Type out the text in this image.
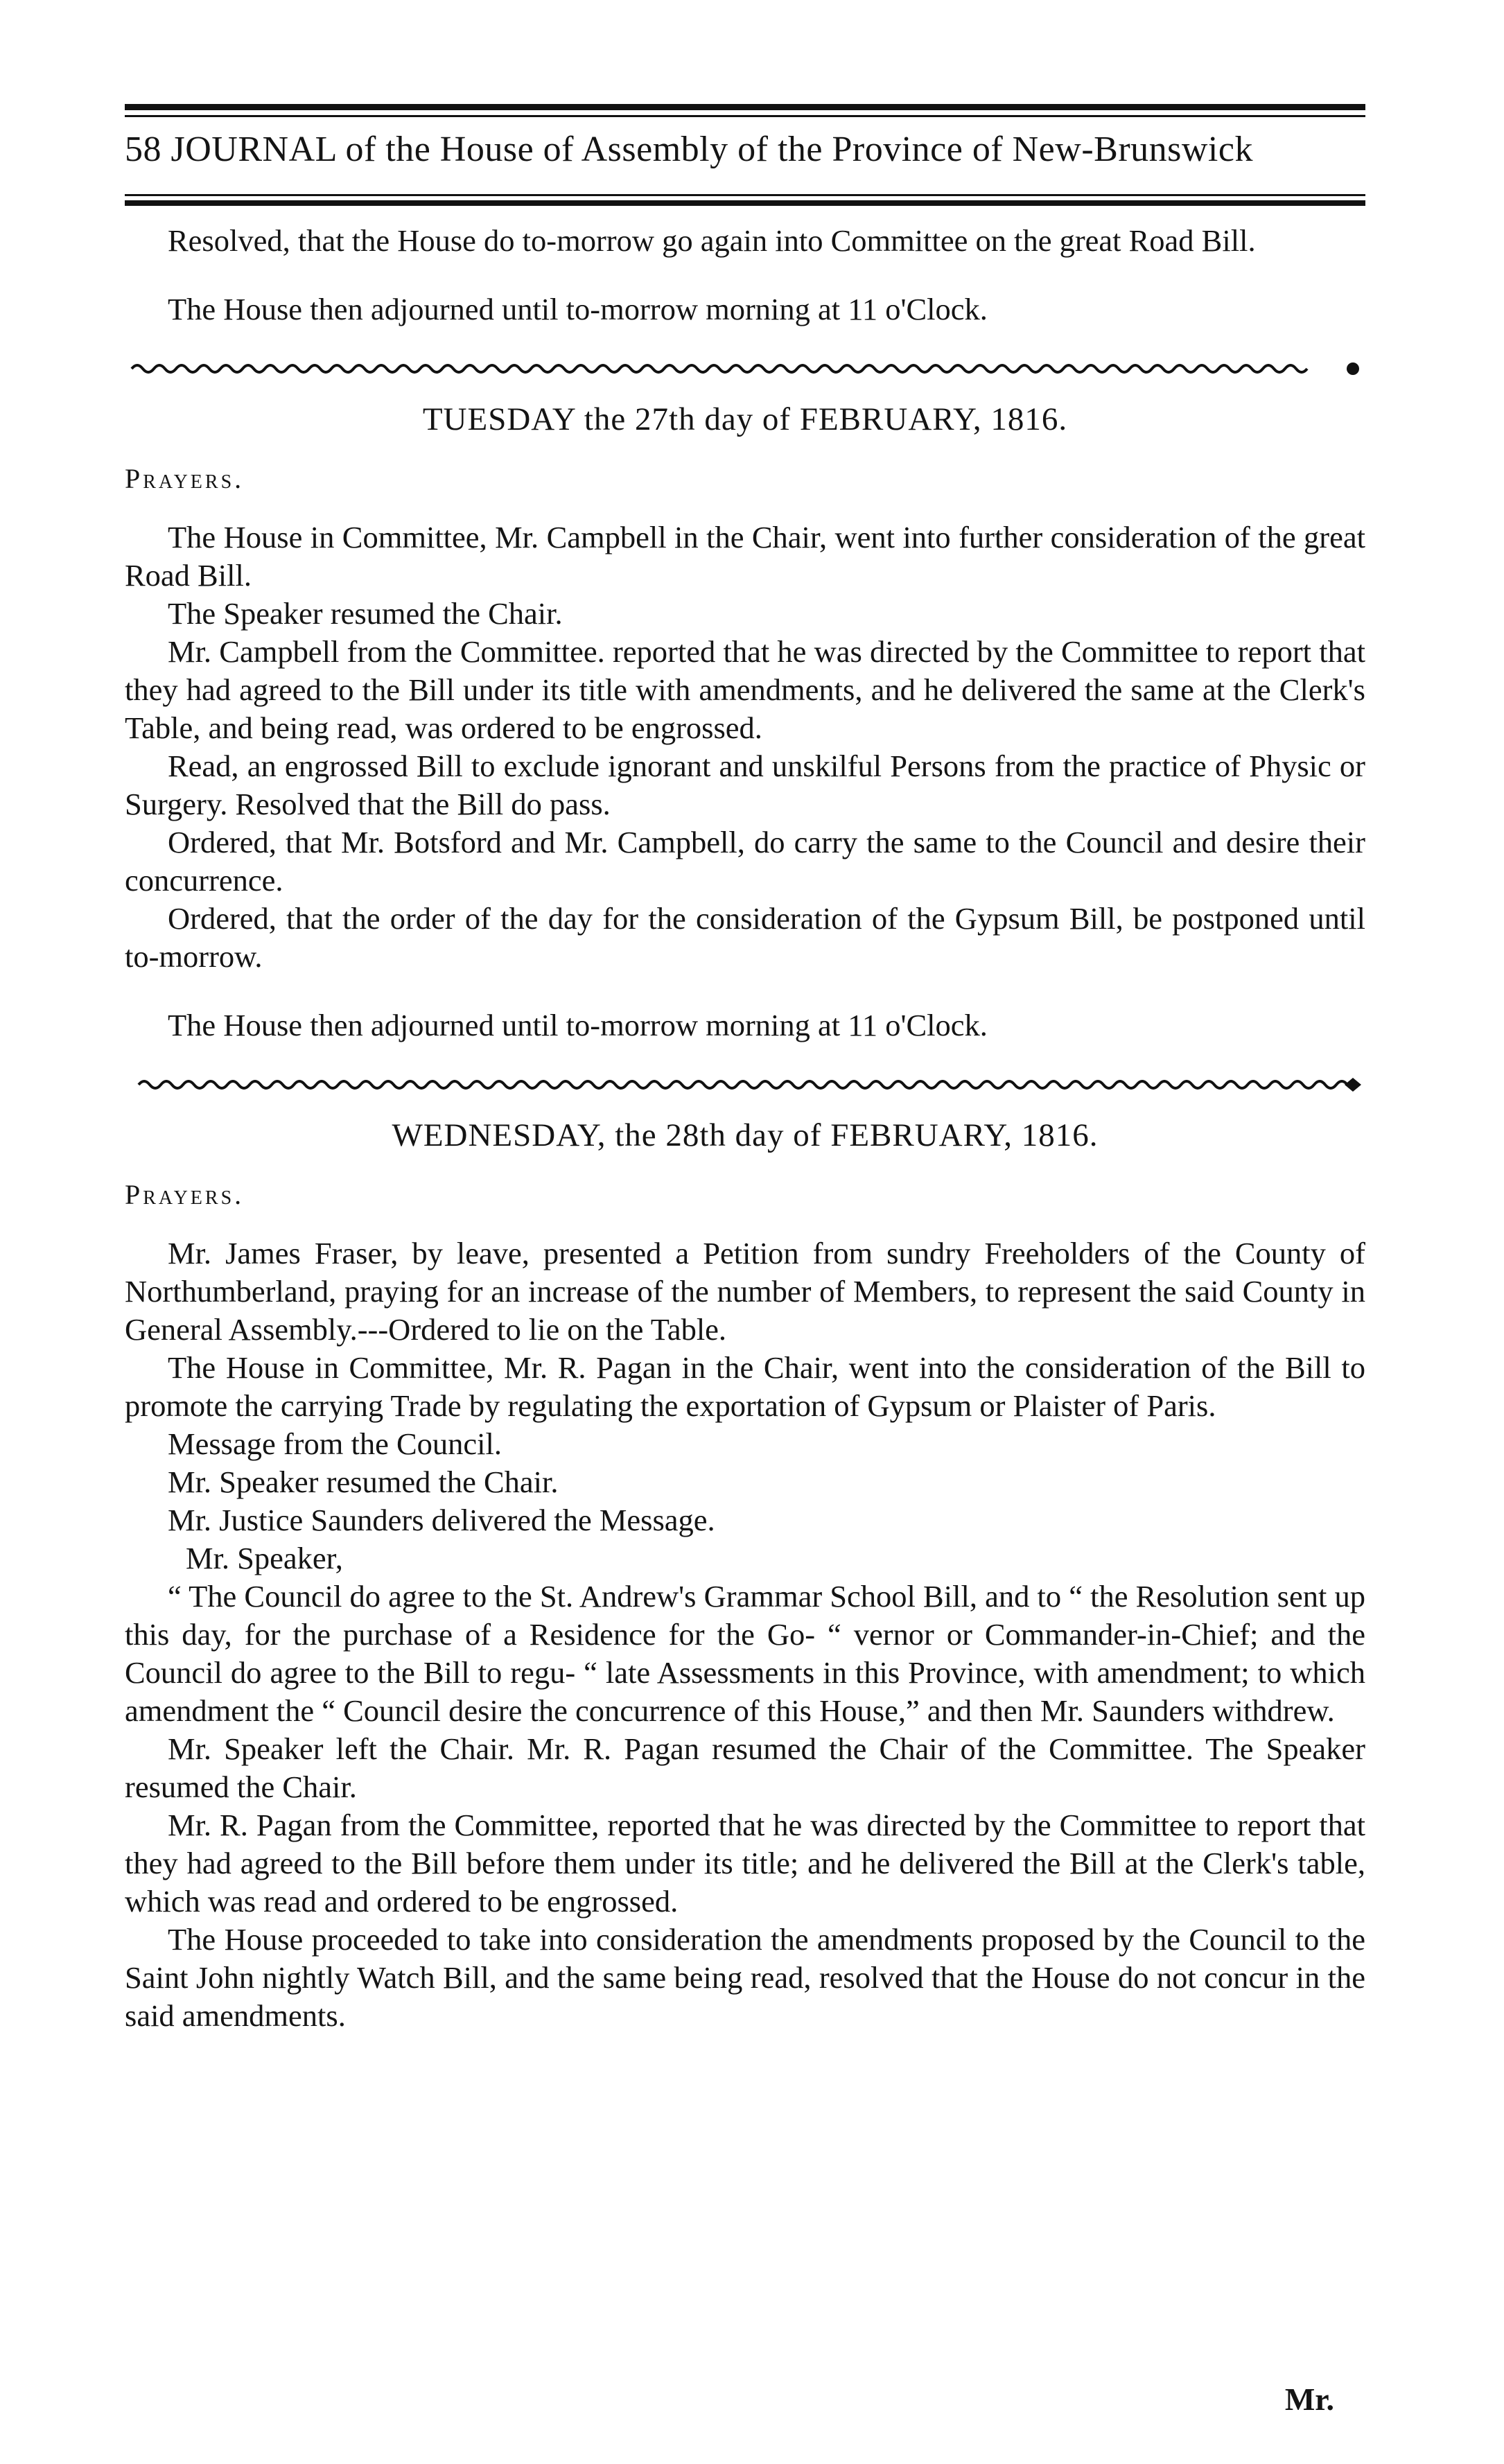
58 JOURNAL of the House of Assembly of the Province of New-Brunswick

Resolved, that the House do to-morrow go again into Committee on the great Road Bill.

The House then adjourned until to-morrow morning at 11 o'Clock.

TUESDAY the 27th day of FEBRUARY, 1816.

Prayers.

The House in Committee, Mr. Campbell in the Chair, went into further consideration of the great Road Bill.

The Speaker resumed the Chair.

Mr. Campbell from the Committee. reported that he was directed by the Committee to report that they had agreed to the Bill under its title with amendments, and he delivered the same at the Clerk's Table, and being read, was ordered to be engrossed.

Read, an engrossed Bill to exclude ignorant and unskilful Persons from the practice of Physic or Surgery. Resolved that the Bill do pass.

Ordered, that Mr. Botsford and Mr. Campbell, do carry the same to the Council and desire their concurrence.

Ordered, that the order of the day for the consideration of the Gypsum Bill, be postponed until to-morrow.

The House then adjourned until to-morrow morning at 11 o'Clock.

WEDNESDAY, the 28th day of FEBRUARY, 1816.

Prayers.

Mr. James Fraser, by leave, presented a Petition from sundry Freeholders of the County of Northumberland, praying for an increase of the number of Members, to represent the said County in General Assembly.---Ordered to lie on the Table.

The House in Committee, Mr. R. Pagan in the Chair, went into the consideration of the Bill to promote the carrying Trade by regulating the exportation of Gypsum or Plaister of Paris.

Message from the Council.

Mr. Speaker resumed the Chair.

Mr. Justice Saunders delivered the Message.

Mr. Speaker,

“ The Council do agree to the St. Andrew's Grammar School Bill, and to “ the Resolution sent up this day, for the purchase of a Residence for the Go- “ vernor or Commander-in-Chief; and the Council do agree to the Bill to regu- “ late Assessments in this Province, with amendment; to which amendment the “ Council desire the concurrence of this House,” and then Mr. Saunders withdrew.

Mr. Speaker left the Chair. Mr. R. Pagan resumed the Chair of the Committee. The Speaker resumed the Chair.

Mr. R. Pagan from the Committee, reported that he was directed by the Committee to report that they had agreed to the Bill before them under its title; and he delivered the Bill at the Clerk's table, which was read and ordered to be engrossed.

The House proceeded to take into consideration the amendments proposed by the Council to the Saint John nightly Watch Bill, and the same being read, resolved that the House do not concur in the said amendments.

Mr.
